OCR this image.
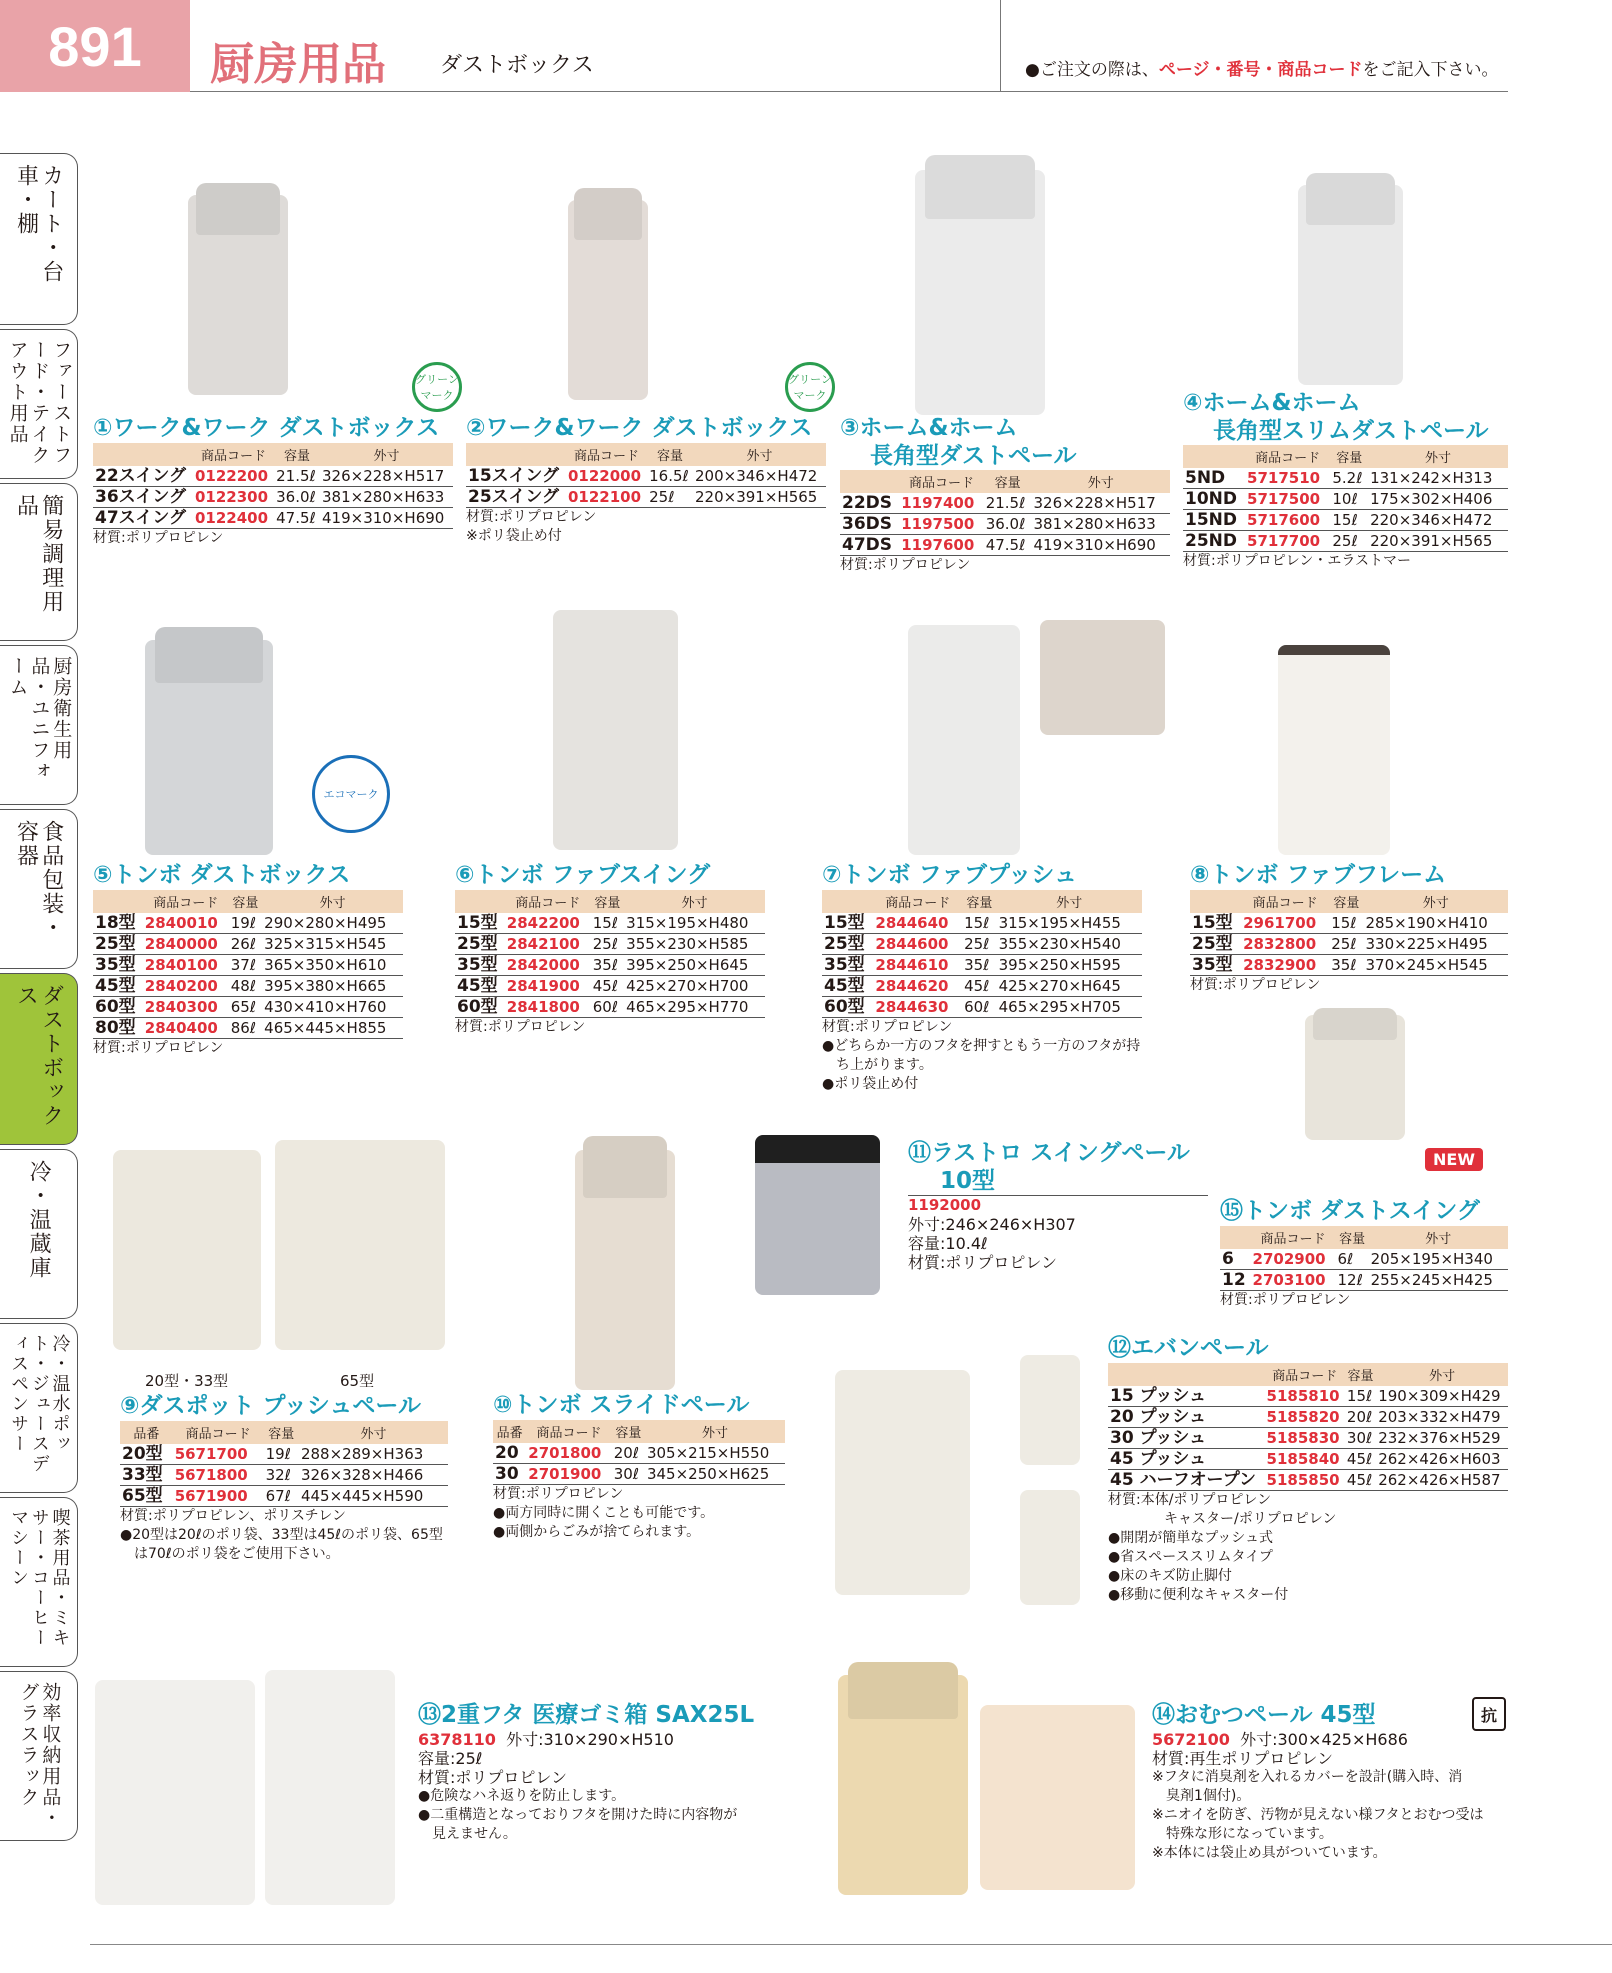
891	厨房用品 ダストボックス	●ご注文の際は、ページ・番号・商品コードをご記入下さい。
カート・台車・棚
ファーストフード・テイクアウト用品
簡易調理用品
厨房衛生用品・ユニフォーム
食品包装・容器
ダストボックス
冷・温蔵庫
冷・温水ポット・ジュースディスペンサー
喫茶用品・ミキサー・コーヒーマシーン
効率収納用品・グラスラック
グリーンマーク
グリーンマーク
エコマーク
NEW
20型・33型	65型
抗
①ワーク&ワーク ダストボックス
	商品コード	容量	外寸
22スイング	0122200	21.5ℓ	326×228×H517
36スイング	0122300	36.0ℓ	381×280×H633
47スイング	0122400	47.5ℓ	419×310×H690
材質:ポリプロピレン
②ワーク&ワーク ダストボックス
	商品コード	容量	外寸
15スイング	0122000	16.5ℓ	200×346×H472
25スイング	0122100	25ℓ	220×391×H565
材質:ポリプロピレン
※ポリ袋止め付
③ホーム&ホーム
長角型ダストペール
	商品コード	容量	外寸
22DS	1197400	21.5ℓ	326×228×H517
36DS	1197500	36.0ℓ	381×280×H633
47DS	1197600	47.5ℓ	419×310×H690
材質:ポリプロピレン
④ホーム&ホーム
長角型スリムダストペール
	商品コード	容量	外寸
5ND	5717510	5.2ℓ	131×242×H313
10ND	5717500	10ℓ	175×302×H406
15ND	5717600	15ℓ	220×346×H472
25ND	5717700	25ℓ	220×391×H565
材質:ポリプロピレン・エラストマー
⑤トンボ ダストボックス
	商品コード	容量	外寸
18型	2840010	19ℓ	290×280×H495
25型	2840000	26ℓ	325×315×H545
35型	2840100	37ℓ	365×350×H610
45型	2840200	48ℓ	395×380×H665
60型	2840300	65ℓ	430×410×H760
80型	2840400	86ℓ	465×445×H855
材質:ポリプロピレン
⑥トンボ ファブスイング
	商品コード	容量	外寸
15型	2842200	15ℓ	315×195×H480
25型	2842100	25ℓ	355×230×H585
35型	2842000	35ℓ	395×250×H645
45型	2841900	45ℓ	425×270×H700
60型	2841800	60ℓ	465×295×H770
材質:ポリプロピレン
⑦トンボ ファブプッシュ
	商品コード	容量	外寸
15型	2844640	15ℓ	315×195×H455
25型	2844600	25ℓ	355×230×H540
35型	2844610	35ℓ	395×250×H595
45型	2844620	45ℓ	425×270×H645
60型	2844630	60ℓ	465×295×H705
材質:ポリプロピレン
●どちらか一方のフタを押すともう一方のフタが持
ち上がります。
●ポリ袋止め付
⑧トンボ ファブフレーム
	商品コード	容量	外寸
15型	2961700	15ℓ	285×190×H410
25型	2832800	25ℓ	330×225×H495
35型	2832900	35ℓ	370×245×H545
材質:ポリプロピレン
⑪ラストロ スイングペール
10型
1192000
外寸:246×246×H307
容量:10.4ℓ
材質:ポリプロピレン
⑮トンボ ダストスイング
	商品コード	容量	外寸
6	2702900	6ℓ	205×195×H340
12	2703100	12ℓ	255×245×H425
材質:ポリプロピレン
⑨ダスポット プッシュペール
品番	商品コード	容量	外寸
20型	5671700	19ℓ	288×289×H363
33型	5671800	32ℓ	326×328×H466
65型	5671900	67ℓ	445×445×H590
材質:ポリプロピレン、ポリスチレン
●20型は20ℓのポリ袋、33型は45ℓのポリ袋、65型
は70ℓのポリ袋をご使用下さい。
⑩トンボ スライドペール
品番	商品コード	容量	外寸
20	2701800	20ℓ	305×215×H550
30	2701900	30ℓ	345×250×H625
材質:ポリプロピレン
●両方同時に開くことも可能です。
●両側からごみが捨てられます。
⑫エバンペール
	商品コード	容量	外寸
15 プッシュ	5185810	15ℓ	190×309×H429
20 プッシュ	5185820	20ℓ	203×332×H479
30 プッシュ	5185830	30ℓ	232×376×H529
45 プッシュ	5185840	45ℓ	262×426×H603
45 ハーフオープン	5185850	45ℓ	262×426×H587
材質:本体/ポリプロピレン
キャスター/ポリプロピレン
●開閉が簡単なプッシュ式
●省スペーススリムタイプ
●床のキズ防止脚付
●移動に便利なキャスター付
⑬2重フタ 医療ゴミ箱 SAX25L
6378110 外寸:310×290×H510
容量:25ℓ
材質:ポリプロピレン
●危険なハネ返りを防止します。
●二重構造となっておりフタを開けた時に内容物が
見えません。
⑭おむつペール 45型
5672100 外寸:300×425×H686
材質:再生ポリプロピレン
※フタに消臭剤を入れるカバーを設計(購入時、消
臭剤1個付)。
※ニオイを防ぎ、汚物が見えない様フタとおむつ受は
特殊な形になっています。
※本体には袋止め具がついています。
